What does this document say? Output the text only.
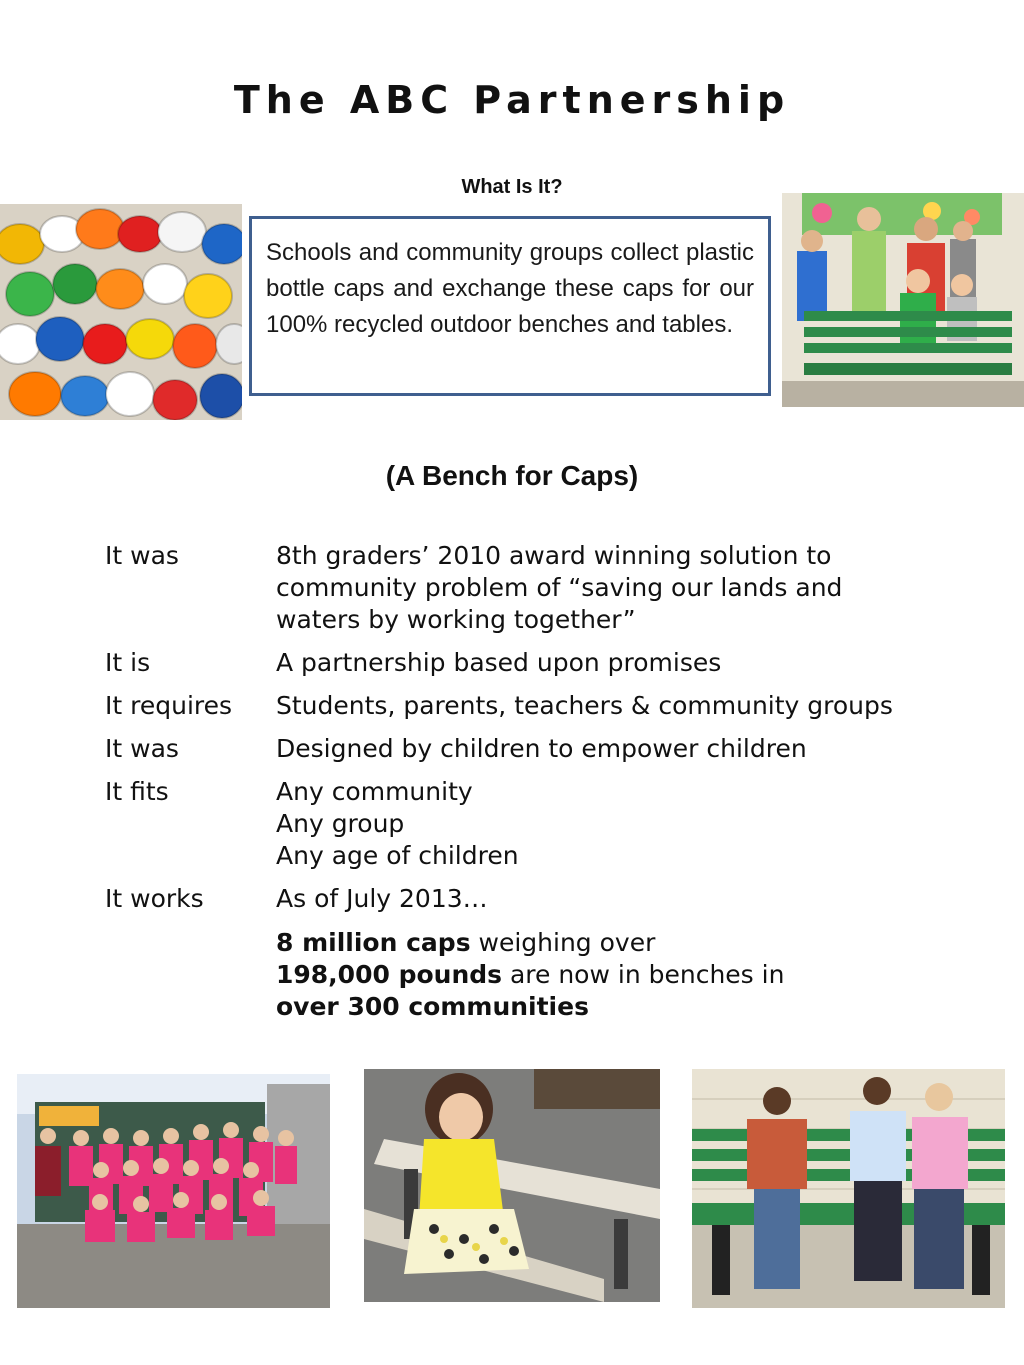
The ABC Partnership
What Is It?
Schools and community groups collect plastic bottle caps and exchange these caps for our 100% recycled outdoor benches and tables.
(A Bench for Caps)
It was	8th graders’ 2010 award winning solution to
community problem of “saving our lands and
waters by working together”
It is	A partnership based upon promises
It requires	Students, parents, teachers & community groups
It was	Designed by children to empower children
It fits	Any community
Any group
Any age of children
It works	As of July 2013…
8 million caps weighing over
198,000 pounds are now in benches in
over 300 communities
